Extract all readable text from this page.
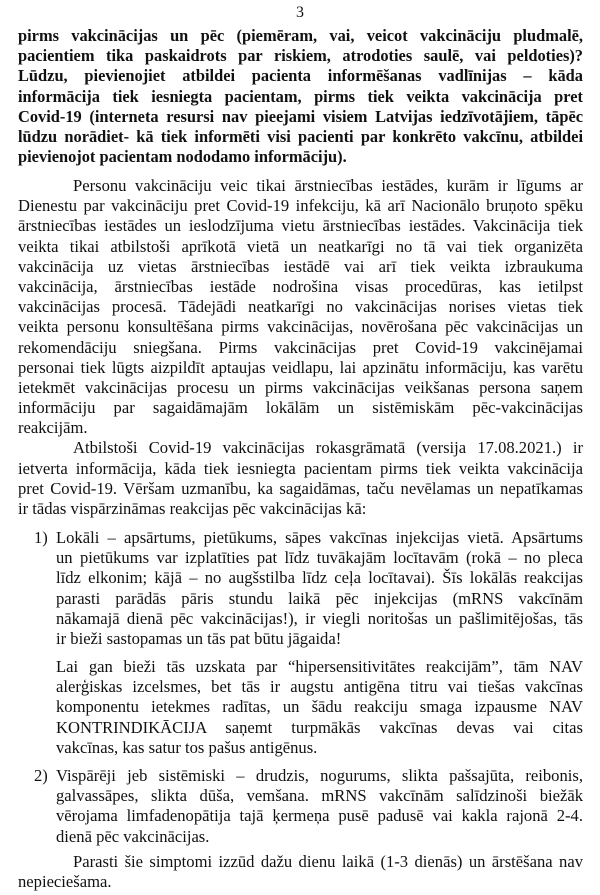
3
pirms vakcinācijas un pēc (piemēram, vai, veicot vakcināciju pludmalē,
pacientiem tika paskaidrots par riskiem, atrodoties saulē, vai peldoties)?
Lūdzu, pievienojiet atbildei pacienta informēšanas vadlīnijas – kāda
informācija tiek iesniegta pacientam, pirms tiek veikta vakcinācija pret
Covid-19 (interneta resursi nav pieejami visiem Latvijas iedzīvotājiem, tāpēc
lūdzu norādiet- kā tiek informēti visi pacienti par konkrēto vakcīnu, atbildei
pievienojot pacientam nododamo informāciju).
Personu vakcināciju veic tikai ārstniecības iestādes, kurām ir līgums ar
Dienestu par vakcināciju pret Covid-19 infekciju, kā arī Nacionālo bruņoto spēku
ārstniecības iestādes un ieslodzījuma vietu ārstniecības iestādes. Vakcinācija tiek
veikta tikai atbilstoši aprīkotā vietā un neatkarīgi no tā vai tiek organizēta
vakcinācija uz vietas ārstniecības iestādē vai arī tiek veikta izbraukuma
vakcinācija, ārstniecības iestāde nodrošina visas procedūras, kas ietilpst
vakcinācijas procesā. Tādejādi neatkarīgi no vakcinācijas norises vietas tiek
veikta personu konsultēšana pirms vakcinācijas, novērošana pēc vakcinācijas un
rekomendāciju sniegšana. Pirms vakcinācijas pret Covid-19 vakcinējamai
personai tiek lūgts aizpildīt aptaujas veidlapu, lai apzinātu informāciju, kas varētu
ietekmēt vakcinācijas procesu un pirms vakcinācijas veikšanas persona saņem
informāciju par sagaidāmajām lokālām un sistēmiskām pēc-vakcinācijas
reakcijām.
Atbilstoši Covid-19 vakcinācijas rokasgrāmatā (versija 17.08.2021.) ir
ietverta informācija, kāda tiek iesniegta pacientam pirms tiek veikta vakcinācija
pret Covid-19. Vēršam uzmanību, ka sagaidāmas, taču nevēlamas un nepatīkamas
ir tādas vispārzināmas reakcijas pēc vakcinācijas kā:
1) Lokāli – apsārtums, pietūkums, sāpes vakcīnas injekcijas vietā. Apsārtums
un pietūkums var izplatīties pat līdz tuvākajām locītavām (rokā – no pleca
līdz elkonim; kājā – no augšstilba līdz ceļa locītavai). Šīs lokālās reakcijas
parasti parādās pāris stundu laikā pēc injekcijas (mRNS vakcīnām
nākamajā dienā pēc vakcinācijas!), ir viegli noritošas un pašlimitējošas, tās
ir bieži sastopamas un tās pat būtu jāgaida!
Lai gan bieži tās uzskata par “hipersensitivitātes reakcijām”, tām NAV
alerģiskas izcelsmes, bet tās ir augstu antigēna titru vai tiešas vakcīnas
komponentu ietekmes radītas, un šādu reakciju smaga izpausme NAV
KONTRINDIKĀCIJA saņemt turpmākās vakcīnas devas vai citas
vakcīnas, kas satur tos pašus antigēnus.
2) Vispārēji jeb sistēmiski – drudzis, nogurums, slikta pašsajūta, reibonis,
galvassāpes, slikta dūša, vemšana. mRNS vakcīnām salīdzinoši biežāk
vērojama limfadenopātija tajā ķermeņa pusē padusē vai kakla rajonā 2-4.
dienā pēc vakcinācijas.
Parasti šie simptomi izzūd dažu dienu laikā (1-3 dienās) un ārstēšana nav
nepieciešama.
